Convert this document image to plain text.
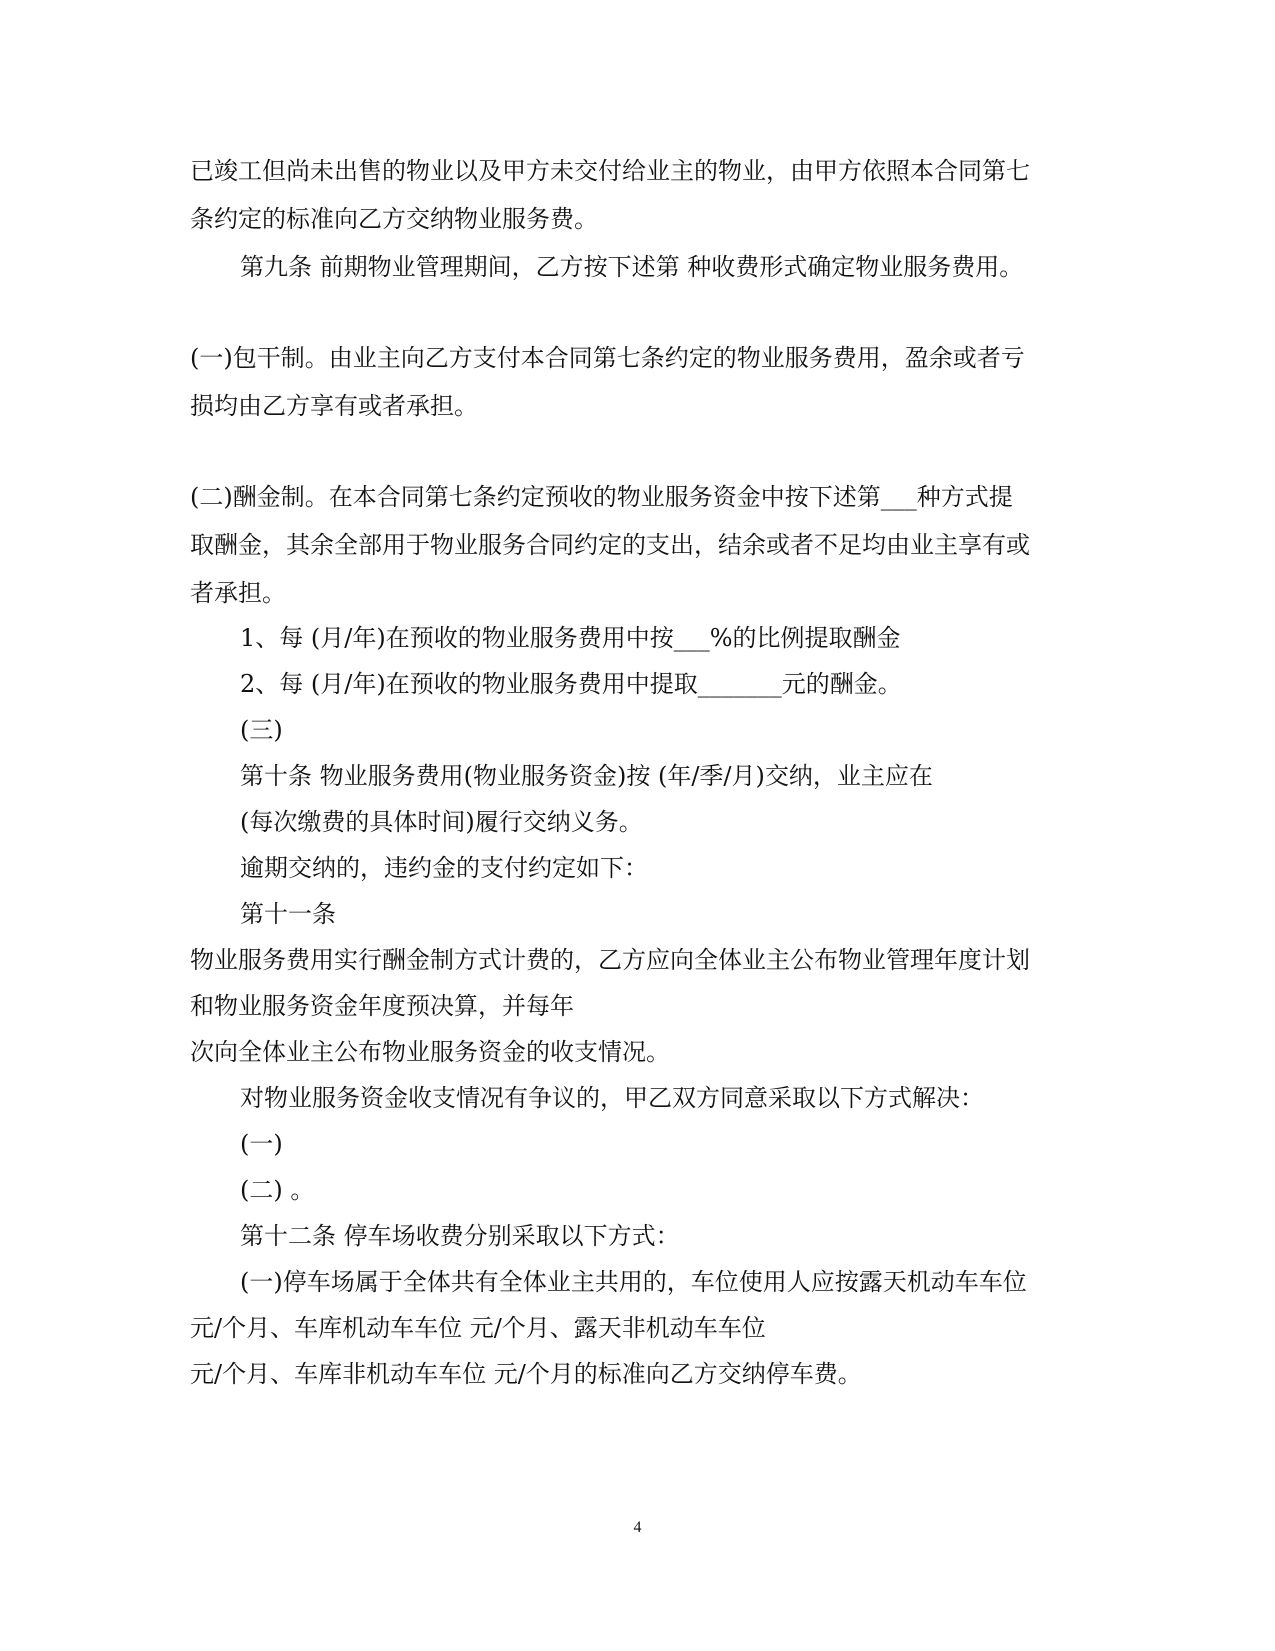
已竣工但尚未出售的物业以及甲方未交付给业主的物业，由甲方依照本合同第七
条约定的标准向乙方交纳物业服务费。
第九条 前期物业管理期间，乙方按下述第 种收费形式确定物业服务费用。
(一)包干制。由业主向乙方支付本合同第七条约定的物业服务费用，盈余或者亏
损均由乙方享有或者承担。
(二)酬金制。在本合同第七条约定预收的物业服务资金中按下述第___种方式提
取酬金，其余全部用于物业服务合同约定的支出，结余或者不足均由业主享有或
者承担。
1、每 (月/年)在预收的物业服务费用中按___%的比例提取酬金
2、每 (月/年)在预收的物业服务费用中提取_______元的酬金。
(三)
第十条 物业服务费用(物业服务资金)按 (年/季/月)交纳，业主应在
(每次缴费的具体时间)履行交纳义务。
逾期交纳的，违约金的支付约定如下：
第十一条
物业服务费用实行酬金制方式计费的，乙方应向全体业主公布物业管理年度计划
和物业服务资金年度预决算，并每年
次向全体业主公布物业服务资金的收支情况。
对物业服务资金收支情况有争议的，甲乙双方同意采取以下方式解决：
(一)
(二) 。
第十二条 停车场收费分别采取以下方式：
(一)停车场属于全体共有全体业主共用的，车位使用人应按露天机动车车位
元/个月、车库机动车车位 元/个月、露天非机动车车位
元/个月、车库非机动车车位 元/个月的标准向乙方交纳停车费。
4
